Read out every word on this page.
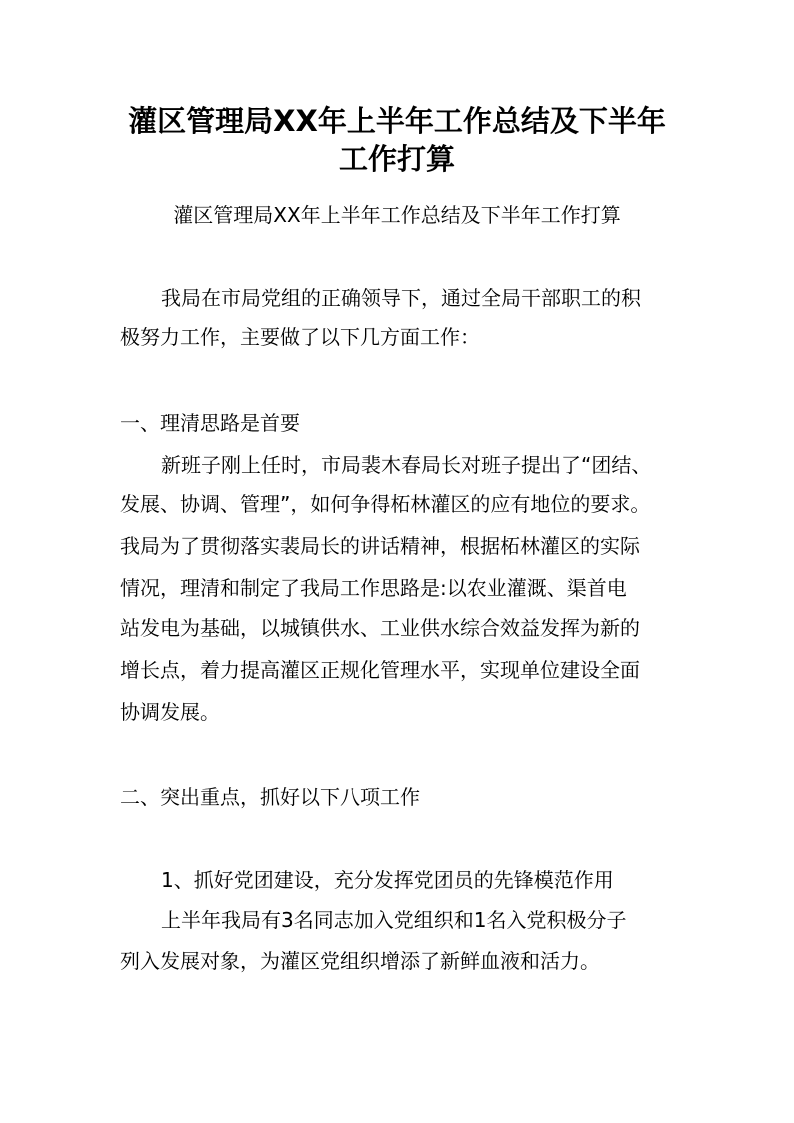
灌区管理局XX年上半年工作总结及下半年
工作打算

灌区管理局XX年上半年工作总结及下半年工作打算

我局在市局党组的正确领导下，通过全局干部职工的积

极努力工作，主要做了以下几方面工作：

一、理清思路是首要

新班子刚上任时，市局裴木春局长对班子提出了“团结、

发展、协调、管理”，如何争得柘林灌区的应有地位的要求。

我局为了贯彻落实裴局长的讲话精神，根据柘林灌区的实际

情况，理清和制定了我局工作思路是:以农业灌溉、渠首电

站发电为基础，以城镇供水、工业供水综合效益发挥为新的

增长点，着力提高灌区正规化管理水平，实现单位建设全面

协调发展。

二、突出重点，抓好以下八项工作

1、抓好党团建设，充分发挥党团员的先锋模范作用

上半年我局有3名同志加入党组织和1名入党积极分子

列入发展对象，为灌区党组织增添了新鲜血液和活力。
